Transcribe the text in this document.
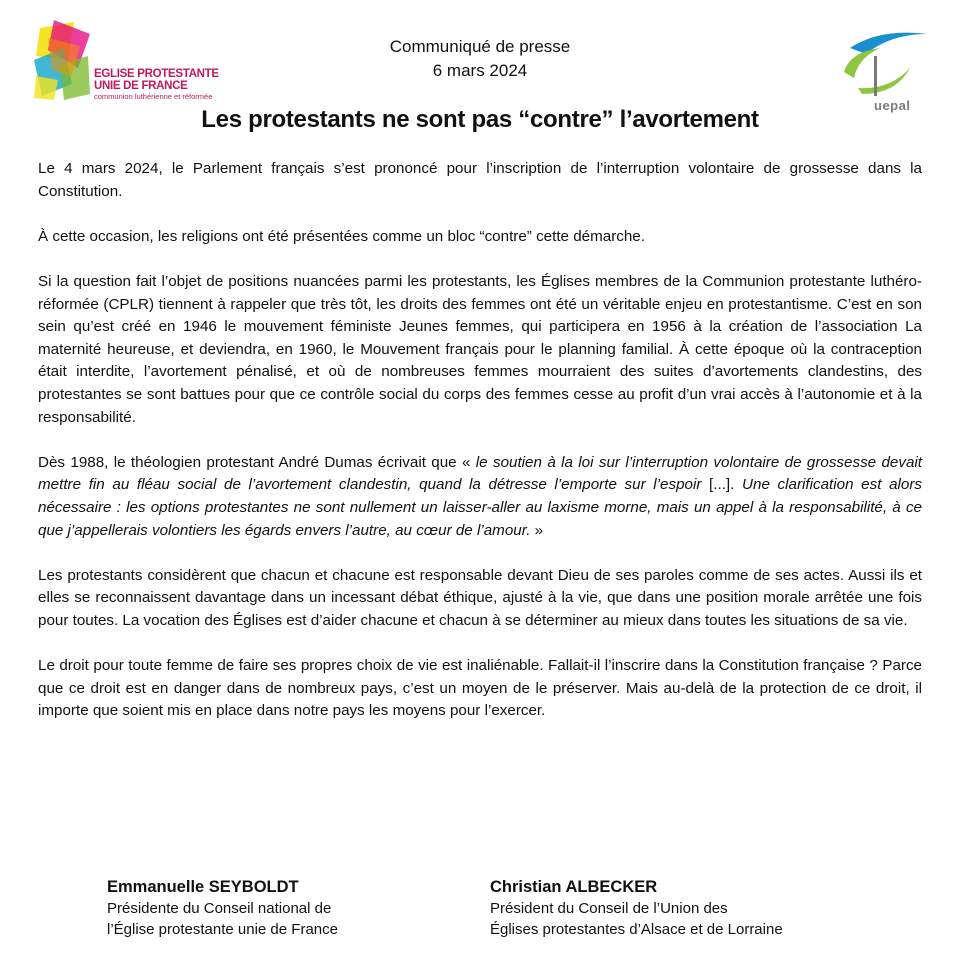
EGLISE PROTESTANTE
UNIE DE FRANCE
communion luthérienne et réformée
uepal
Communiqué de presse
6 mars 2024
Les protestants ne sont pas “contre” l’avortement

Le 4 mars 2024, le Parlement français s’est prononcé pour l’inscription de l’interruption volontaire de grossesse dans la Constitution.

À cette occasion, les religions ont été présentées comme un bloc “contre” cette démarche.

Si la question fait l’objet de positions nuancées parmi les protestants, les Églises membres de la Communion protestante luthéro-réformée (CPLR) tiennent à rappeler que très tôt, les droits des femmes ont été un véritable enjeu en protestantisme. C’est en son sein qu’est créé en 1946 le mouvement féministe Jeunes femmes, qui participera en 1956 à la création de l’association La maternité heureuse, et deviendra, en 1960, le Mouvement français pour le planning familial. À cette époque où la contraception était interdite, l’avortement pénalisé, et où de nombreuses femmes mourraient des suites d’avortements clandestins, des protestantes se sont battues pour que ce contrôle social du corps des femmes cesse au profit d’un vrai accès à l’autonomie et à la responsabilité.

Dès 1988, le théologien protestant André Dumas écrivait que « le soutien à la loi sur l’interruption volontaire de grossesse devait mettre fin au fléau social de l’avortement clandestin, quand la détresse l’emporte sur l’espoir [...]. Une clarification est alors nécessaire : les options protestantes ne sont nullement un laisser-aller au laxisme morne, mais un appel à la responsabilité, à ce que j’appellerais volontiers les égards envers l’autre, au cœur de l’amour. »

Les protestants considèrent que chacun et chacune est responsable devant Dieu de ses paroles comme de ses actes. Aussi ils et elles se reconnaissent davantage dans un incessant débat éthique, ajusté à la vie, que dans une position morale arrêtée une fois pour toutes. La vocation des Églises est d’aider chacune et chacun à se déterminer au mieux dans toutes les situations de sa vie.

Le droit pour toute femme de faire ses propres choix de vie est inaliénable. Fallait-il l’inscrire dans la Constitution française ? Parce que ce droit est en danger dans de nombreux pays, c’est un moyen de le préserver. Mais au-delà de la protection de ce droit, il importe que soient mis en place dans notre pays les moyens pour l’exercer.

Emmanuelle SEYBOLDT
Présidente du Conseil national de
l’Église protestante unie de France
Christian ALBECKER
Président du Conseil de l’Union des
Églises protestantes d’Alsace et de Lorraine
